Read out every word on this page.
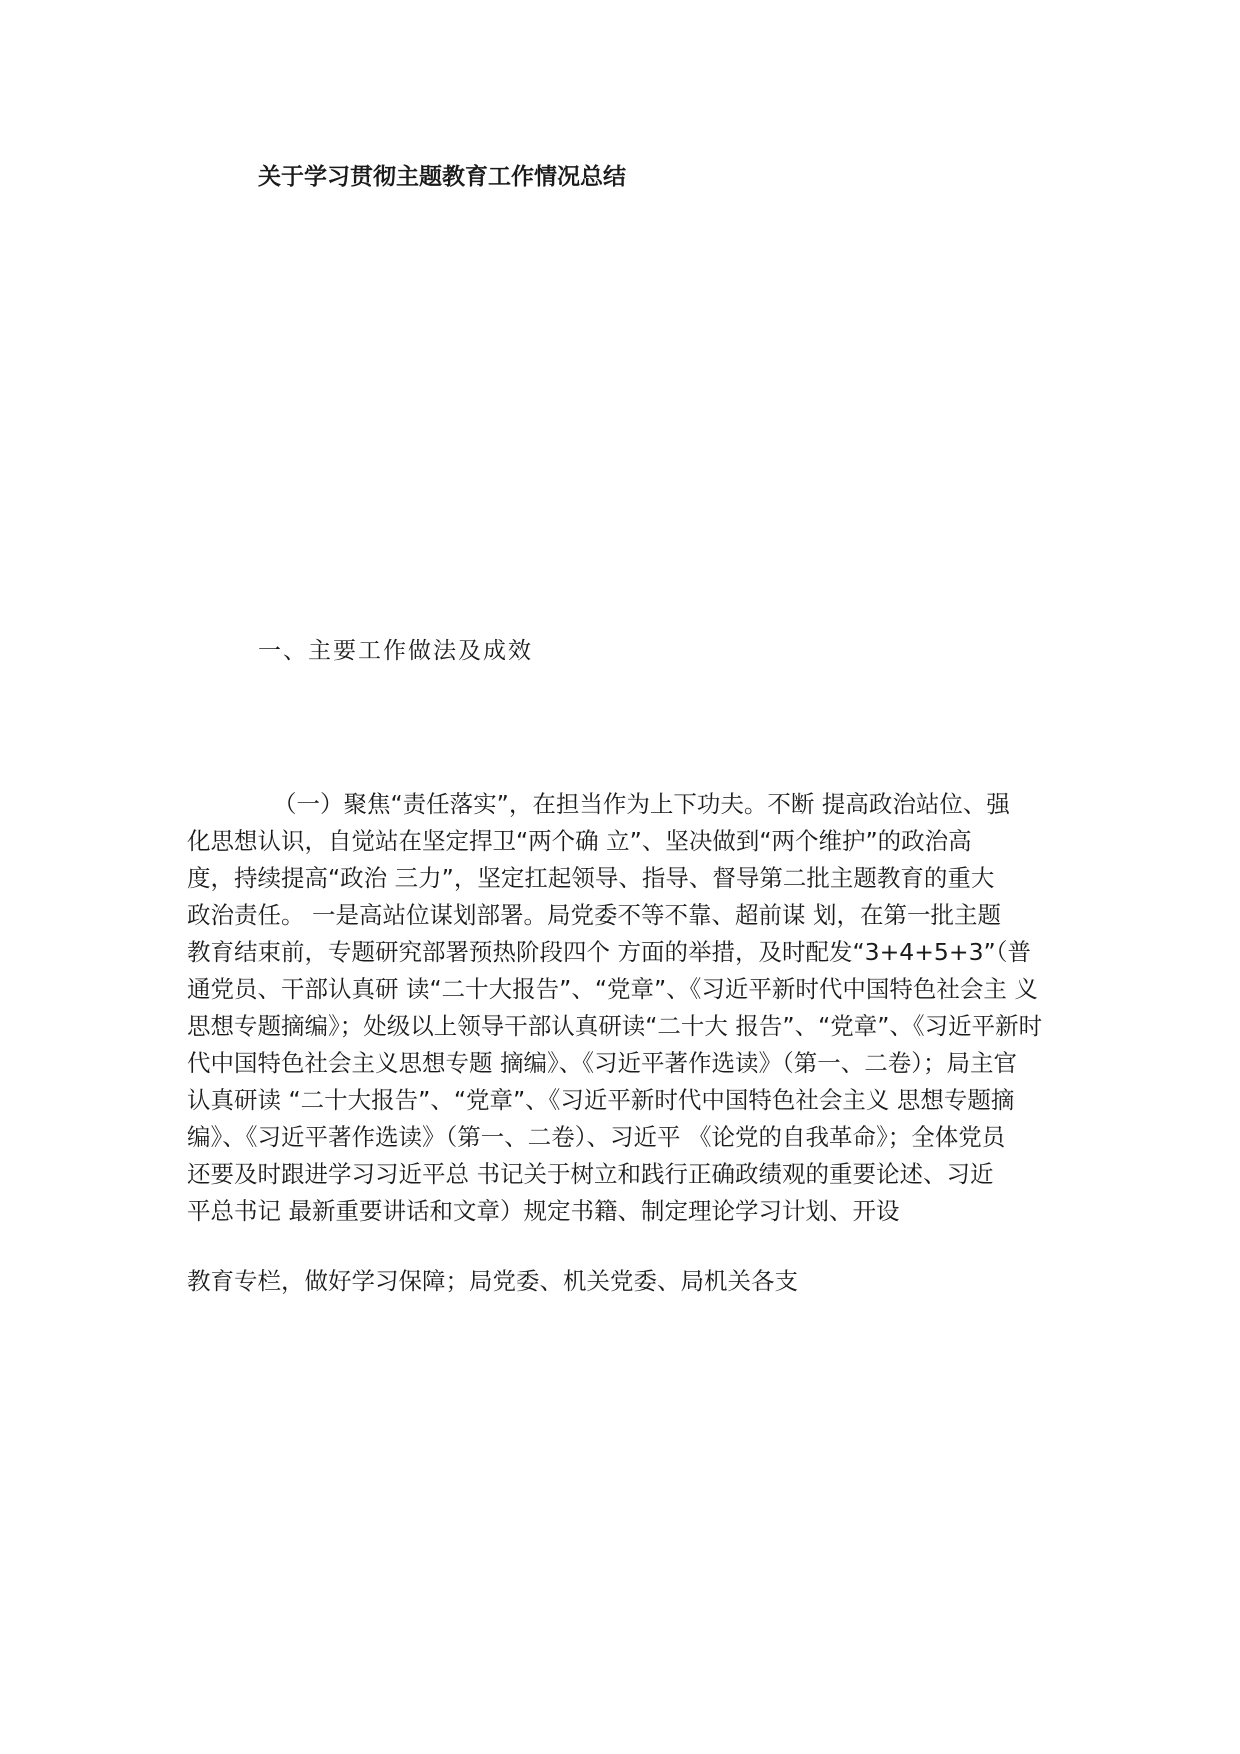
关于学习贯彻主题教育工作情况总结
一、主要工作做法及成效
（一）聚焦“责任落实”，在担当作为上下功夫。不断 提高政治站位、强
化思想认识，自觉站在坚定捍卫“两个确 立”、坚决做到“两个维护”的政治高
度，持续提高“政治 三力”，坚定扛起领导、指导、督导第二批主题教育的重大
政治责任。 一是高站位谋划部署。局党委不等不靠、超前谋 划，在第一批主题
教育结束前，专题研究部署预热阶段四个 方面的举措，及时配发“3+4+5+3”（普
通党员、干部认真研 读“二十大报告”、“党章”、《习近平新时代中国特色社会主 义
思想专题摘编》；处级以上领导干部认真研读“二十大 报告”、“党章”、《习近平新时
代中国特色社会主义思想专题 摘编》、《习近平著作选读》（第一、二卷）；局主官
认真研读 “二十大报告”、“党章”、《习近平新时代中国特色社会主义 思想专题摘
编》、《习近平著作选读》（第一、二卷）、习近平 《论党的自我革命》；全体党员
还要及时跟进学习习近平总 书记关于树立和践行正确政绩观的重要论述、习近
平总书记 最新重要讲话和文章）规定书籍、制定理论学习计划、开设
教育专栏，做好学习保障；局党委、机关党委、局机关各支
